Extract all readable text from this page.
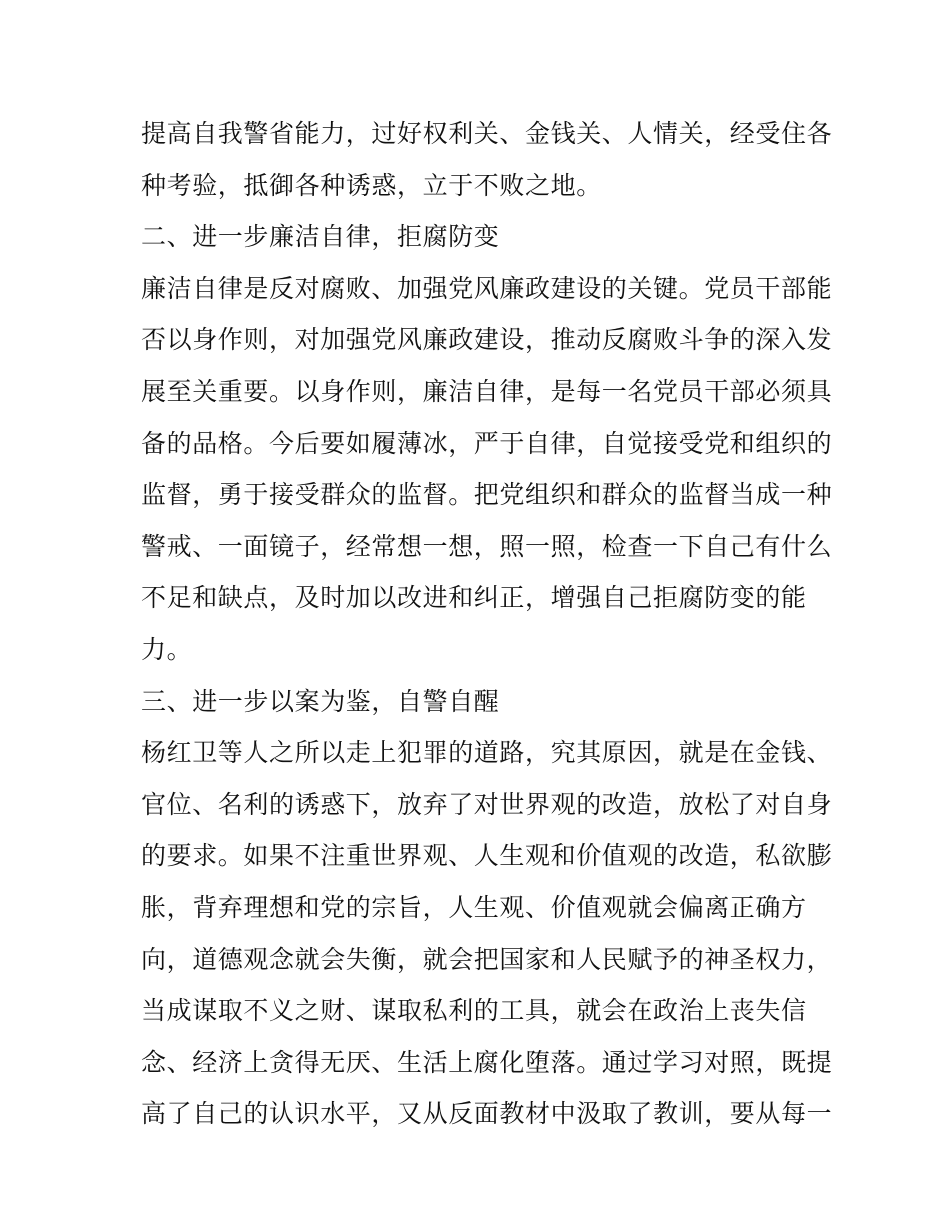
提高自我警省能力，过好权利关、金钱关、人情关，经受住各
种考验，抵御各种诱惑，立于不败之地。
二、进一步廉洁自律，拒腐防变
廉洁自律是反对腐败、加强党风廉政建设的关键。党员干部能
否以身作则，对加强党风廉政建设，推动反腐败斗争的深入发
展至关重要。以身作则，廉洁自律，是每一名党员干部必须具
备的品格。今后要如履薄冰，严于自律，自觉接受党和组织的
监督，勇于接受群众的监督。把党组织和群众的监督当成一种
警戒、一面镜子，经常想一想，照一照，检查一下自己有什么
不足和缺点，及时加以改进和纠正，增强自己拒腐防变的能
力。
三、进一步以案为鉴，自警自醒
杨红卫等人之所以走上犯罪的道路，究其原因，就是在金钱、
官位、名利的诱惑下，放弃了对世界观的改造，放松了对自身
的要求。如果不注重世界观、人生观和价值观的改造，私欲膨
胀，背弃理想和党的宗旨，人生观、价值观就会偏离正确方
向，道德观念就会失衡，就会把国家和人民赋予的神圣权力，
当成谋取不义之财、谋取私利的工具，就会在政治上丧失信
念、经济上贪得无厌、生活上腐化堕落。通过学习对照，既提
高了自己的认识水平，又从反面教材中汲取了教训，要从每一
